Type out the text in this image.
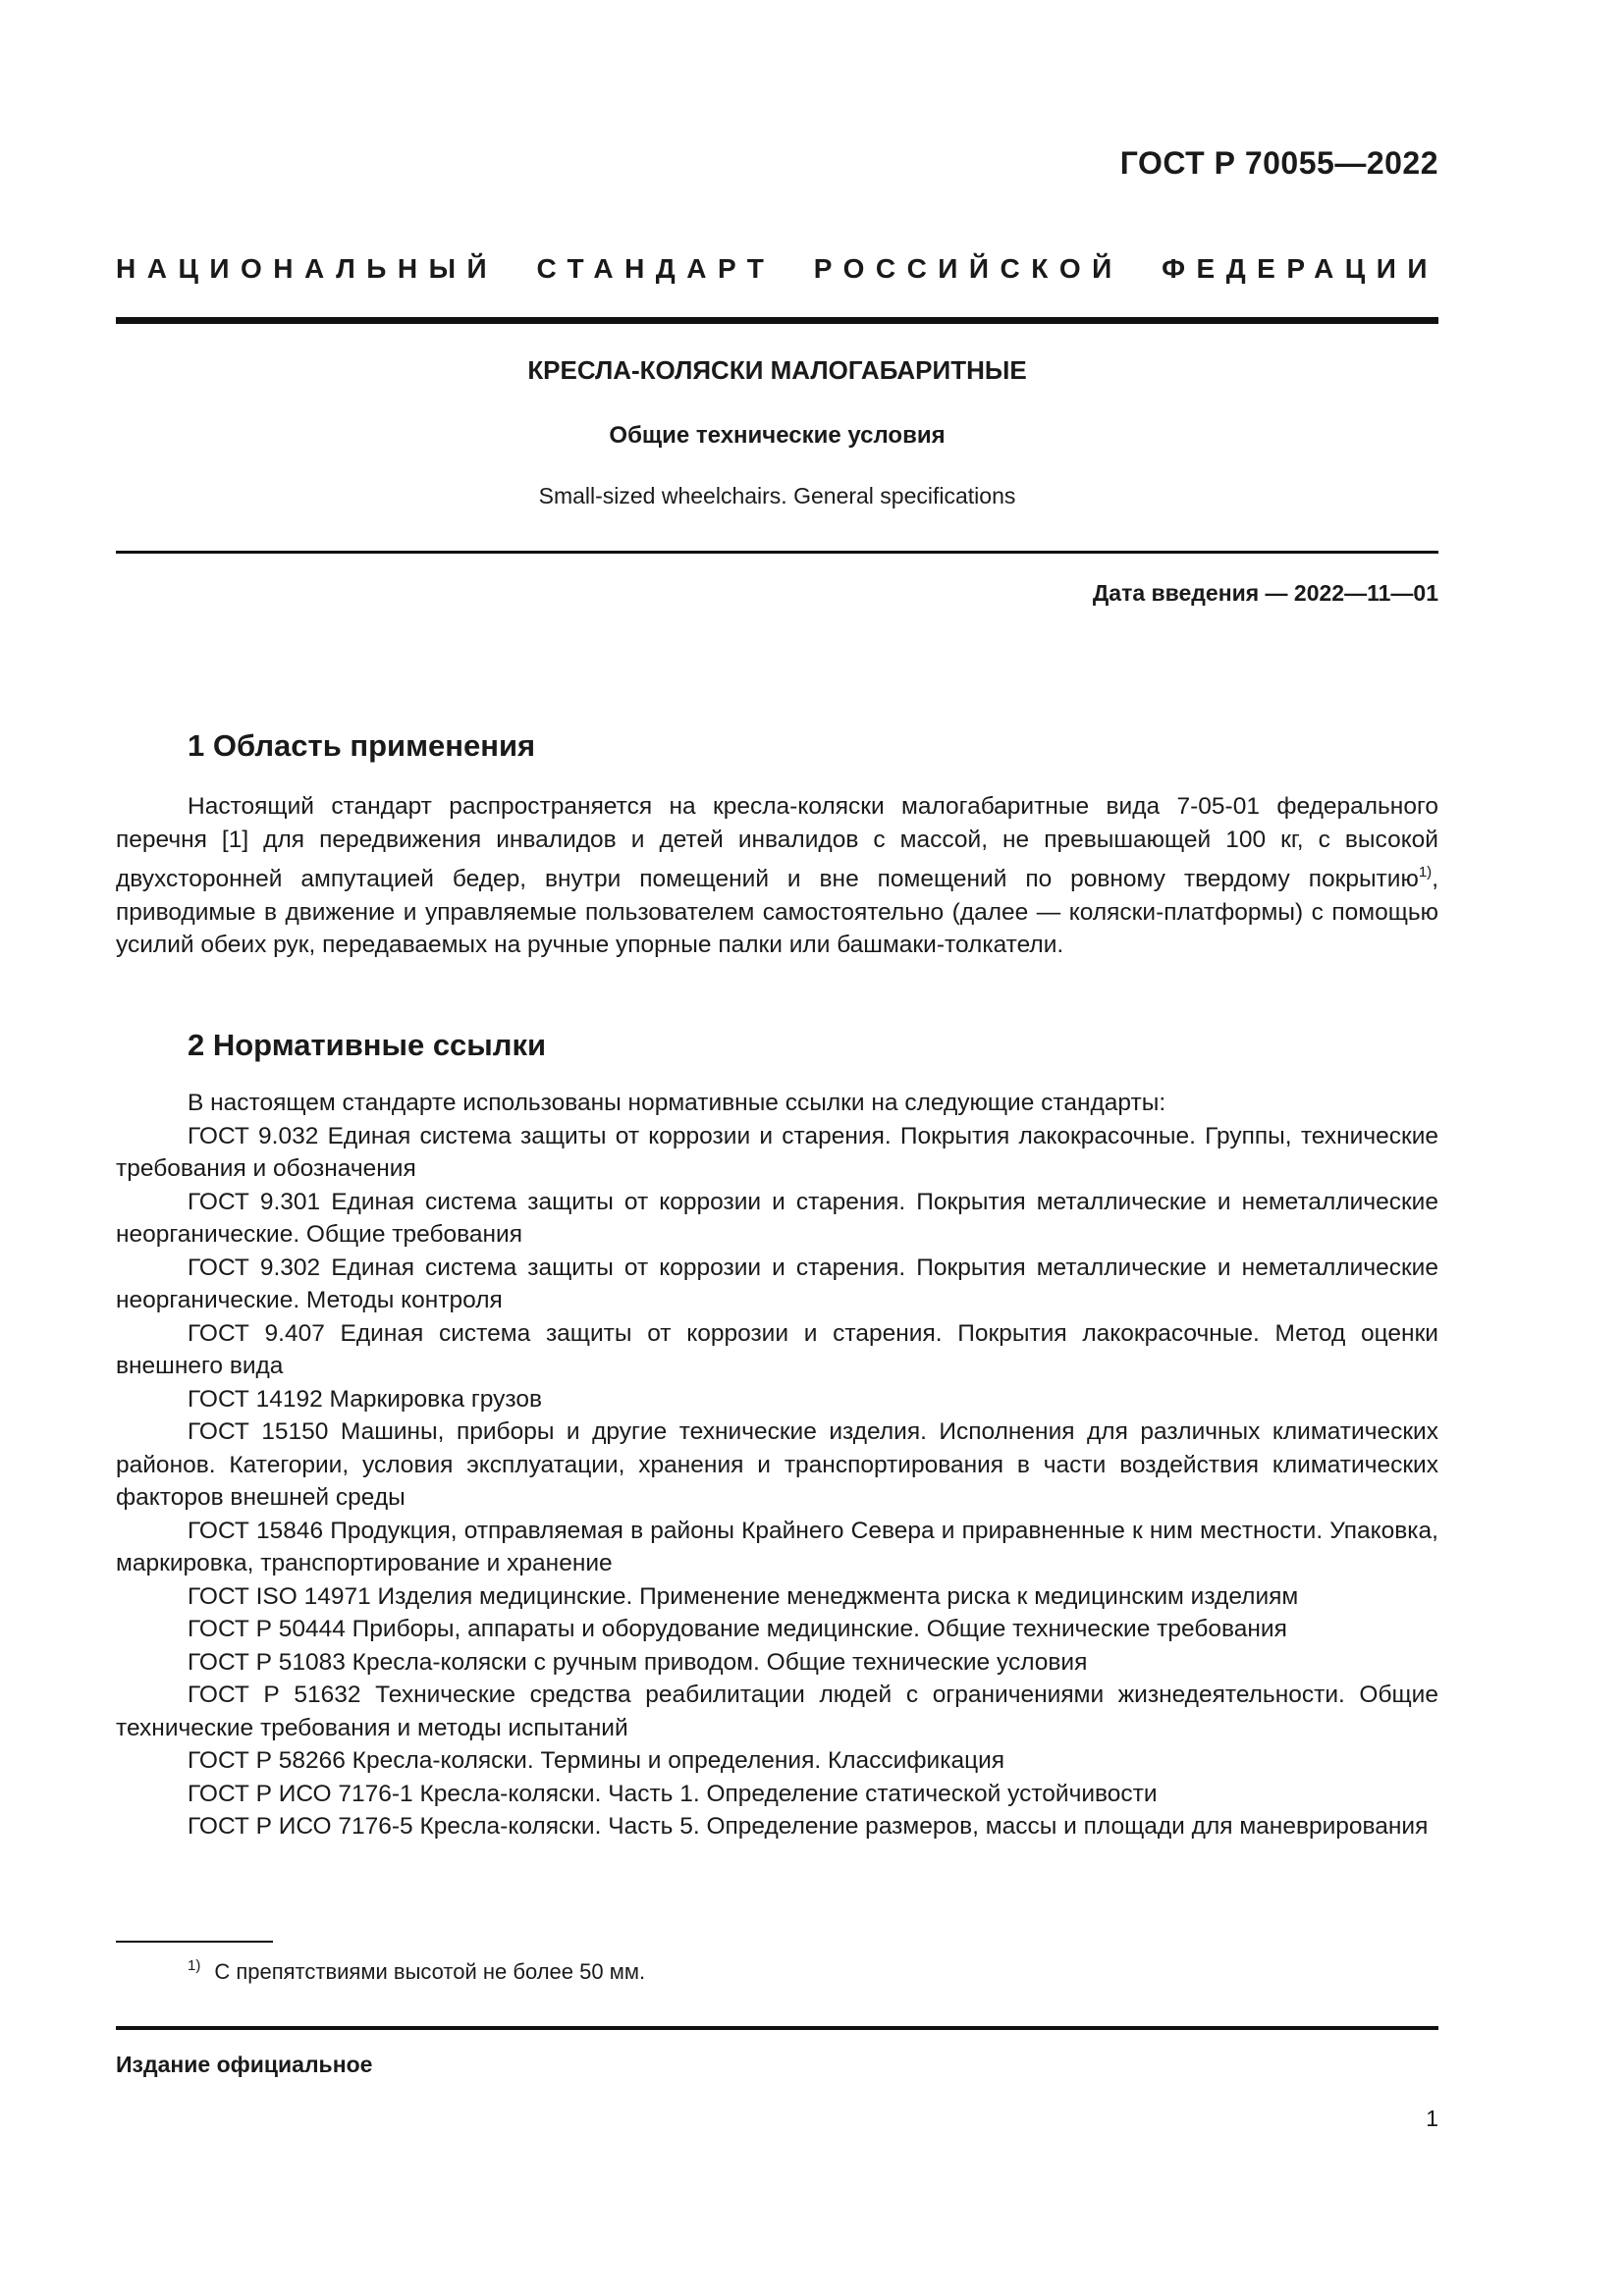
ГОСТ Р 70055—2022
НАЦИОНАЛЬНЫЙ СТАНДАРТ РОССИЙСКОЙ ФЕДЕРАЦИИ
КРЕСЛА-КОЛЯСКИ МАЛОГАБАРИТНЫЕ
Общие технические условия
Small-sized wheelchairs. General specifications
Дата введения — 2022—11—01
1 Область применения
Настоящий стандарт распространяется на кресла-коляски малогабаритные вида 7-05-01 федерального перечня [1] для передвижения инвалидов и детей инвалидов с массой, не превышающей 100 кг, с высокой двухсторонней ампутацией бедер, внутри помещений и вне помещений по ровному твердому покрытию$^{1)}$, приводимые в движение и управляемые пользователем самостоятельно (далее — коляски-платформы) с помощью усилий обеих рук, передаваемых на ручные упорные палки или башмаки-толкатели.
2 Нормативные ссылки
В настоящем стандарте использованы нормативные ссылки на следующие стандарты:
ГОСТ 9.032 Единая система защиты от коррозии и старения. Покрытия лакокрасочные. Группы, технические требования и обозначения
ГОСТ 9.301 Единая система защиты от коррозии и старения. Покрытия металлические и неметаллические неорганические. Общие требования
ГОСТ 9.302 Единая система защиты от коррозии и старения. Покрытия металлические и неметаллические неорганические. Методы контроля
ГОСТ 9.407 Единая система защиты от коррозии и старения. Покрытия лакокрасочные. Метод оценки внешнего вида
ГОСТ 14192 Маркировка грузов
ГОСТ 15150 Машины, приборы и другие технические изделия. Исполнения для различных климатических районов. Категории, условия эксплуатации, хранения и транспортирования в части воздействия климатических факторов внешней среды
ГОСТ 15846 Продукция, отправляемая в районы Крайнего Севера и приравненные к ним местности. Упаковка, маркировка, транспортирование и хранение
ГОСТ ISO 14971 Изделия медицинские. Применение менеджмента риска к медицинским изделиям
ГОСТ Р 50444 Приборы, аппараты и оборудование медицинские. Общие технические требования
ГОСТ Р 51083 Кресла-коляски с ручным приводом. Общие технические условия
ГОСТ Р 51632 Технические средства реабилитации людей с ограничениями жизнедеятельности. Общие технические требования и методы испытаний
ГОСТ Р 58266 Кресла-коляски. Термины и определения. Классификация
ГОСТ Р ИСО 7176-1 Кресла-коляски. Часть 1. Определение статической устойчивости
ГОСТ Р ИСО 7176-5 Кресла-коляски. Часть 5. Определение размеров, массы и площади для маневрирования
$^{1)}$ С препятствиями высотой не более 50 мм.
Издание официальное
1
